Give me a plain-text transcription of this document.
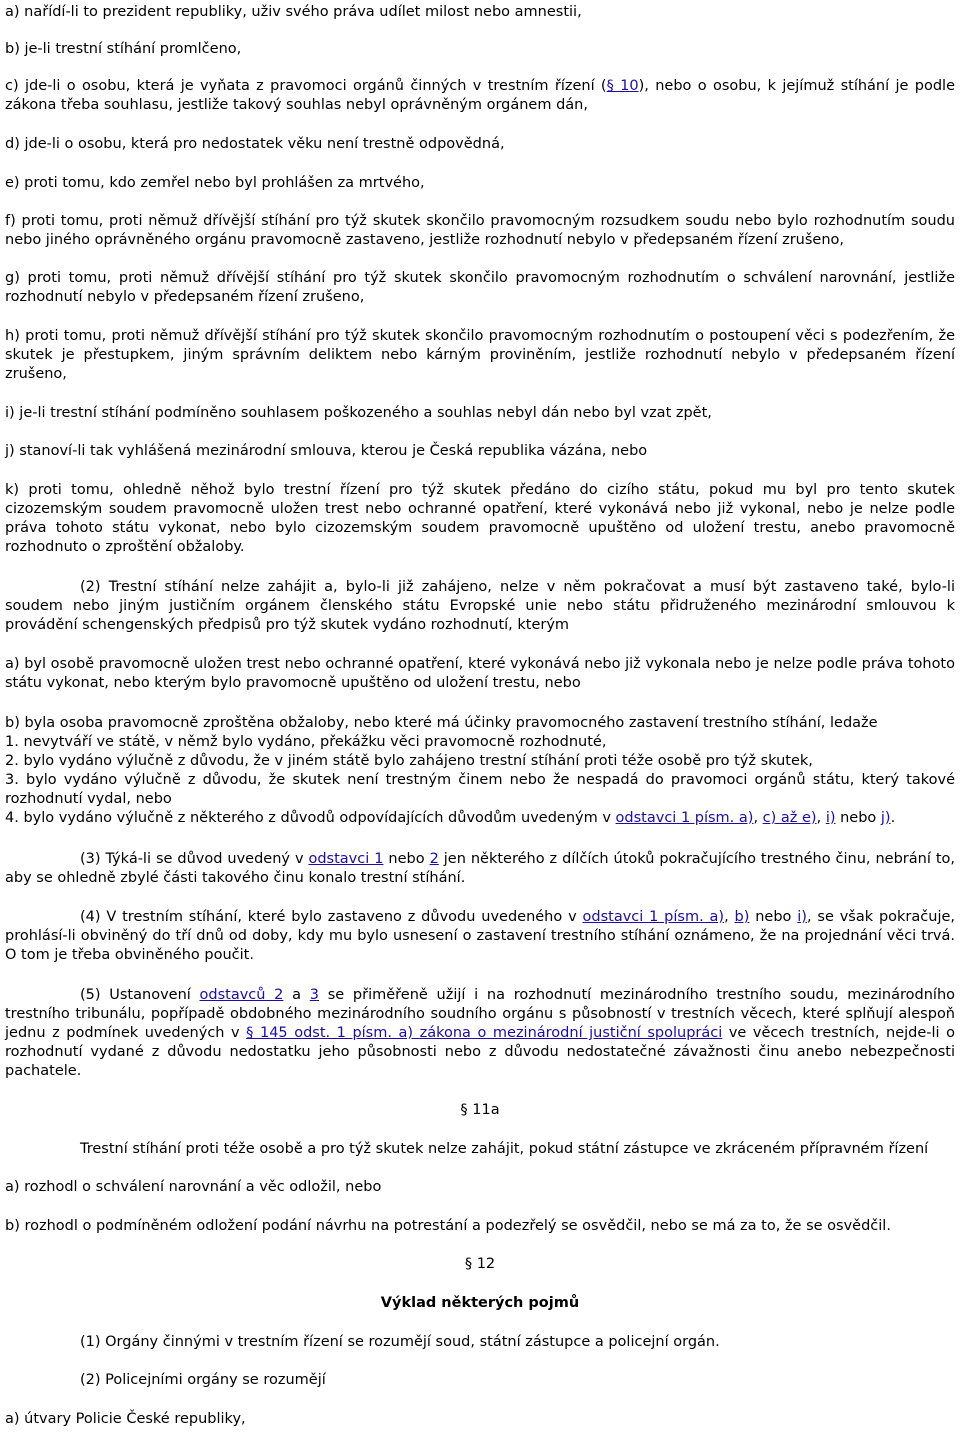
a) nařídí-li to prezident republiky, uživ svého práva udílet milost nebo amnestii,

b) je-li trestní stíhání promlčeno,

c) jde-li o osobu, která je vyňata z pravomoci orgánů činných v trestním řízení (§ 10), nebo o osobu, k jejímuž stíhání je podle zákona třeba souhlasu, jestliže takový souhlas nebyl oprávněným orgánem dán,

d) jde-li o osobu, která pro nedostatek věku není trestně odpovědná,

e) proti tomu, kdo zemřel nebo byl prohlášen za mrtvého,

f) proti tomu, proti němuž dřívější stíhání pro týž skutek skončilo pravomocným rozsudkem soudu nebo bylo rozhodnutím soudu nebo jiného oprávněného orgánu pravomocně zastaveno, jestliže rozhodnutí nebylo v předepsaném řízení zrušeno,

g) proti tomu, proti němuž dřívější stíhání pro týž skutek skončilo pravomocným rozhodnutím o schválení narovnání, jestliže rozhodnutí nebylo v předepsaném řízení zrušeno,

h) proti tomu, proti němuž dřívější stíhání pro týž skutek skončilo pravomocným rozhodnutím o postoupení věci s podezřením, že skutek je přestupkem, jiným správním deliktem nebo kárným proviněním, jestliže rozhodnutí nebylo v předepsaném řízení zrušeno,

i) je-li trestní stíhání podmíněno souhlasem poškozeného a souhlas nebyl dán nebo byl vzat zpět,

j) stanoví-li tak vyhlášená mezinárodní smlouva, kterou je Česká republika vázána, nebo

k) proti tomu, ohledně něhož bylo trestní řízení pro týž skutek předáno do cizího státu, pokud mu byl pro tento skutek cizozemským soudem pravomocně uložen trest nebo ochranné opatření, které vykonává nebo již vykonal, nebo je nelze podle práva tohoto státu vykonat, nebo bylo cizozemským soudem pravomocně upuštěno od uložení trestu, anebo pravomocně rozhodnuto o zproštění obžaloby.

(2) Trestní stíhání nelze zahájit a, bylo-li již zahájeno, nelze v něm pokračovat a musí být zastaveno také, bylo-li soudem nebo jiným justičním orgánem členského státu Evropské unie nebo státu přidruženého mezinárodní smlouvou k provádění schengenských předpisů pro týž skutek vydáno rozhodnutí, kterým

a) byl osobě pravomocně uložen trest nebo ochranné opatření, které vykonává nebo již vykonala nebo je nelze podle práva tohoto státu vykonat, nebo kterým bylo pravomocně upuštěno od uložení trestu, nebo

b) byla osoba pravomocně zproštěna obžaloby, nebo které má účinky pravomocného zastavení trestního stíhání, ledaže
1. nevytváří ve státě, v němž bylo vydáno, překážku věci pravomocně rozhodnuté,
2. bylo vydáno výlučně z důvodu, že v jiném státě bylo zahájeno trestní stíhání proti téže osobě pro týž skutek,
3. bylo vydáno výlučně z důvodu, že skutek není trestným činem nebo že nespadá do pravomoci orgánů státu, který takové rozhodnutí vydal, nebo
4. bylo vydáno výlučně z některého z důvodů odpovídajících důvodům uvedeným v odstavci 1 písm. a), c) až e), i) nebo j).

(3) Týká-li se důvod uvedený v odstavci 1 nebo 2 jen některého z dílčích útoků pokračujícího trestného činu, nebrání to, aby se ohledně zbylé části takového činu konalo trestní stíhání.

(4) V trestním stíhání, které bylo zastaveno z důvodu uvedeného v odstavci 1 písm. a), b) nebo i), se však pokračuje, prohlásí-li obviněný do tří dnů od doby, kdy mu bylo usnesení o zastavení trestního stíhání oznámeno, že na projednání věci trvá. O tom je třeba obviněného poučit.

(5) Ustanovení odstavců 2 a 3 se přiměřeně užijí i na rozhodnutí mezinárodního trestního soudu, mezinárodního trestního tribunálu, popřípadě obdobného mezinárodního soudního orgánu s působností v trestních věcech, které splňují alespoň jednu z podmínek uvedených v § 145 odst. 1 písm. a) zákona o mezinárodní justiční spolupráci ve věcech trestních, nejde-li o rozhodnutí vydané z důvodu nedostatku jeho působnosti nebo z důvodu nedostatečné závažnosti činu anebo nebezpečnosti pachatele.

§ 11a

Trestní stíhání proti téže osobě a pro týž skutek nelze zahájit, pokud státní zástupce ve zkráceném přípravném řízení

a) rozhodl o schválení narovnání a věc odložil, nebo

b) rozhodl o podmíněném odložení podání návrhu na potrestání a podezřelý se osvědčil, nebo se má za to, že se osvědčil.

§ 12

Výklad některých pojmů

(1) Orgány činnými v trestním řízení se rozumějí soud, státní zástupce a policejní orgán.

(2) Policejními orgány se rozumějí

a) útvary Policie České republiky,
